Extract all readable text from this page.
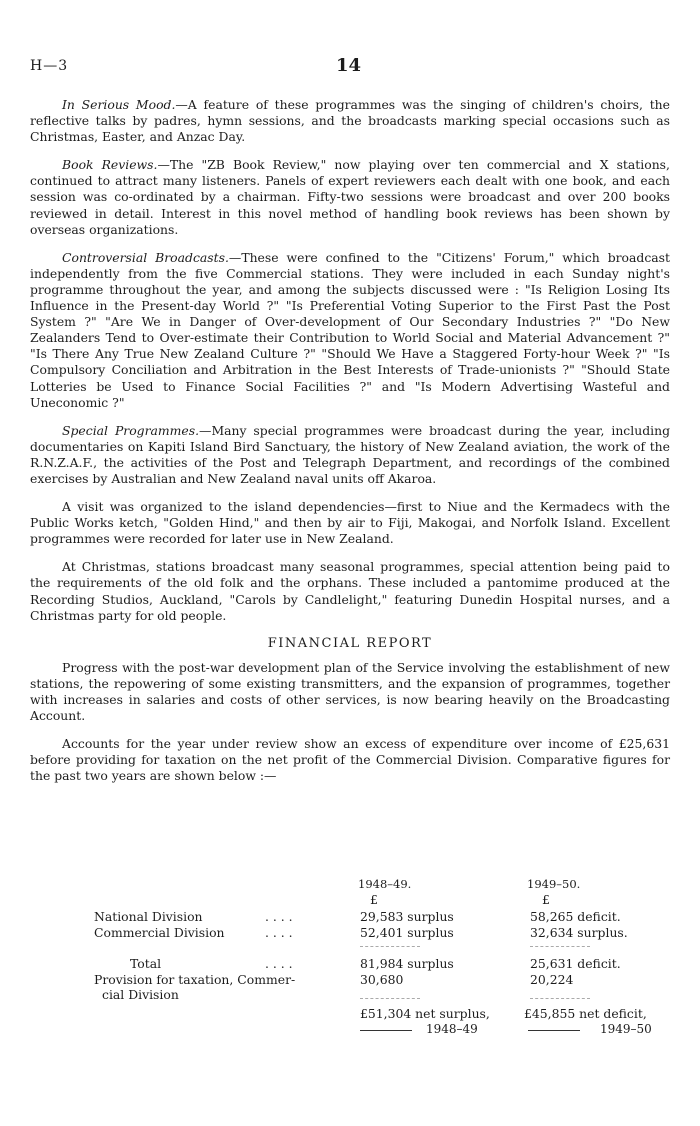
H—3	14

In Serious Mood.—A feature of these programmes was the singing of children's choirs, the reflective talks by padres, hymn sessions, and the broadcasts marking special occasions such as Christmas, Easter, and Anzac Day.

Book Reviews.—The "ZB Book Review," now playing over ten commercial and X stations, continued to attract many listeners. Panels of expert reviewers each dealt with one book, and each session was co-ordinated by a chairman. Fifty-two sessions were broadcast and over 200 books reviewed in detail. Interest in this novel method of handling book reviews has been shown by overseas organizations.

Controversial Broadcasts.—These were confined to the "Citizens' Forum," which broadcast independently from the five Commercial stations. They were included in each Sunday night's programme throughout the year, and among the subjects discussed were : "Is Religion Losing Its Influence in the Present-day World ?" "Is Preferential Voting Superior to the First Past the Post System ?" "Are We in Danger of Over-development of Our Secondary Industries ?" "Do New Zealanders Tend to Over-estimate their Contribution to World Social and Material Advancement ?" "Is There Any True New Zealand Culture ?" "Should We Have a Staggered Forty-hour Week ?" "Is Compulsory Conciliation and Arbitration in the Best Interests of Trade-unionists ?" "Should State Lotteries be Used to Finance Social Facilities ?" and "Is Modern Advertising Wasteful and Uneconomic ?"

Special Programmes.—Many special programmes were broadcast during the year, including documentaries on Kapiti Island Bird Sanctuary, the history of New Zealand aviation, the work of the R.N.Z.A.F., the activities of the Post and Telegraph Department, and recordings of the combined exercises by Australian and New Zealand naval units off Akaroa.

A visit was organized to the island dependencies—first to Niue and the Kermadecs with the Public Works ketch, "Golden Hind," and then by air to Fiji, Makogai, and Norfolk Island. Excellent programmes were recorded for later use in New Zealand.

At Christmas, stations broadcast many seasonal programmes, special attention being paid to the requirements of the old folk and the orphans. These included a pantomime produced at the Recording Studios, Auckland, "Carols by Candlelight," featuring Dunedin Hospital nurses, and a Christmas party for old people.

FINANCIAL REPORT

Progress with the post-war development plan of the Service involving the establishment of new stations, the repowering of some existing transmitters, and the expansion of programmes, together with increases in salaries and costs of other services, is now bearing heavily on the Broadcasting Account.

Accounts for the year under review show an excess of expenditure over income of £25,631 before providing for taxation on the net profit of the Commercial Division. Comparative figures for the past two years are shown below :—

1948–49.	1949–50.
£	£
National Division	. . . .	29,583 surplus	58,265 deficit.
Commercial Division	. . . .	52,401 surplus	32,634 surplus.
Total	. . . .	81,984 surplus	25,631 deficit.
Provision for taxation, Commer-	30,680	20,224
cial Division
£51,304 net surplus,	£45,855 net deficit,
1948–49	1949–50
